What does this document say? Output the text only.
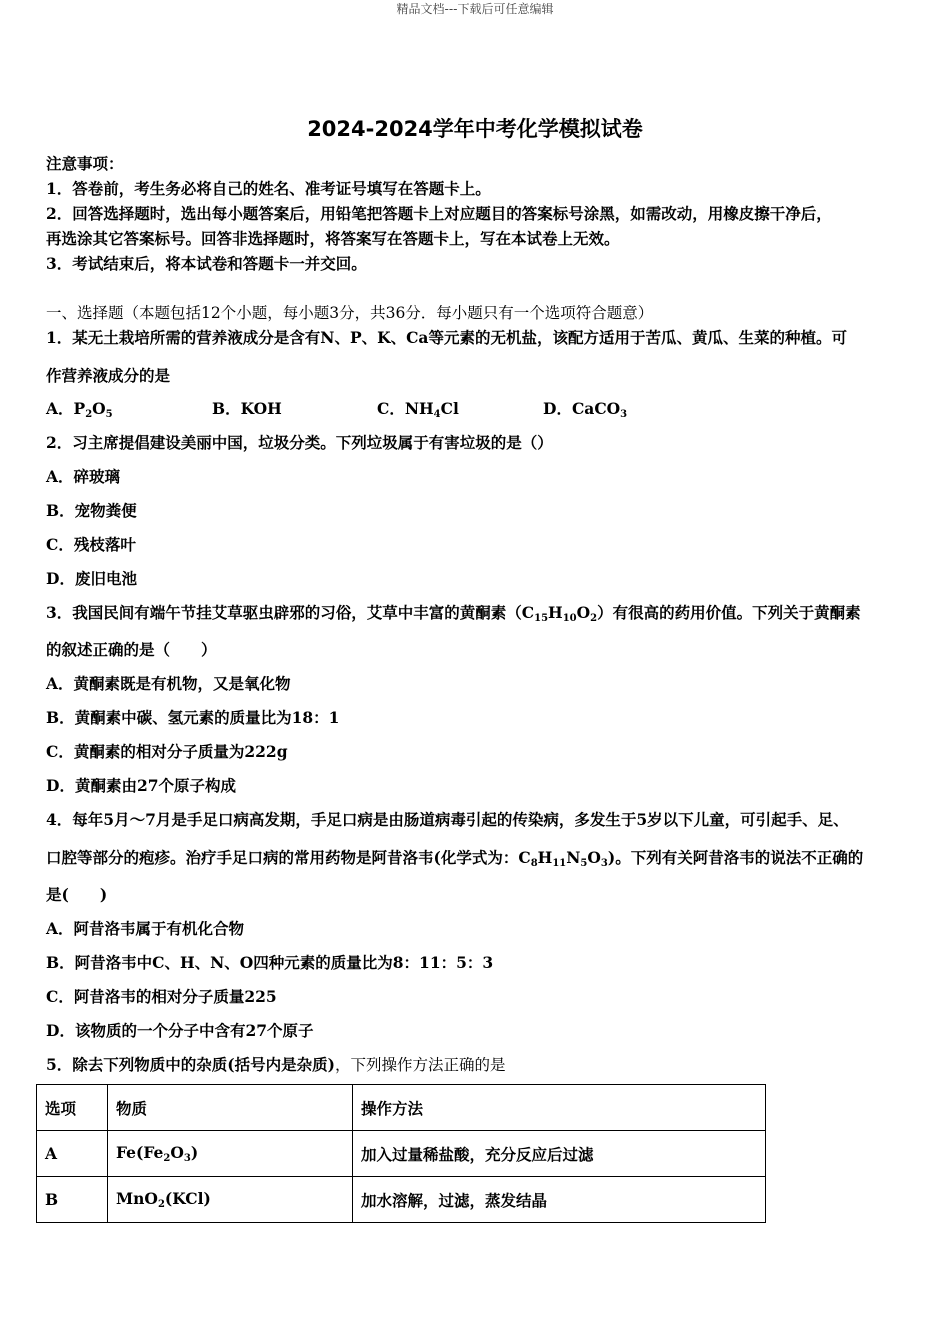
精品文档---下载后可任意编辑
2024-2024学年中考化学模拟试卷
注意事项：
1．答卷前，考生务必将自己的姓名、准考证号填写在答题卡上。
2．回答选择题时，选出每小题答案后，用铅笔把答题卡上对应题目的答案标号涂黑，如需改动，用橡皮擦干净后，
再选涂其它答案标号。回答非选择题时，将答案写在答题卡上，写在本试卷上无效。
3．考试结束后，将本试卷和答题卡一并交回。
一、选择题（本题包括12个小题，每小题3分，共36分．每小题只有一个选项符合题意）
1．某无土栽培所需的营养液成分是含有N、P、K、Ca等元素的无机盐，该配方适用于苦瓜、黄瓜、生菜的种植。可
作营养液成分的是
A．$P_2O_5$	B．KOH	C．$NH_4Cl$	D．CaCO$_3$
2．习主席提倡建设美丽中国，垃圾分类。下列垃圾属于有害垃圾的是（）
A．碎玻璃
B．宠物粪便
C．残枝落叶
D．废旧电池
3．我国民间有端午节挂艾草驱虫辟邪的习俗，艾草中丰富的黄酮素$(C_{15}H_{10}O_2)$有很高的药用价值。下列关于黄酮素
的叙述正确的是（　　）
A．黄酮素既是有机物，又是氧化物
B．黄酮素中碳、氢元素的质量比为18：1
C．黄酮素的相对分子质量为222g
D．黄酮素由27个原子构成
4．每年5月～7月是手足口病高发期，手足口病是由肠道病毒引起的传染病，多发生于5岁以下儿童，可引起手、足、
口腔等部分的疱疹。治疗手足口病的常用药物是阿昔洛韦(化学式为：$C_8H_{11}N_5O_3$)。下列有关阿昔洛韦的说法不正确的
是(　　)
A．阿昔洛韦属于有机化合物
B．阿昔洛韦中C、H、N、O四种元素的质量比为8：11：5：3
C．阿昔洛韦的相对分子质量225
D．该物质的一个分子中含有27个原子
5．除去下列物质中的杂质(括号内是杂质)，下列操作方法正确的是
选项	物质	操作方法
A	$Fe(Fe_2O_3)$	加入过量稀盐酸，充分反应后过滤
B	MnO$_2$(KCl)	加水溶解，过滤，蒸发结晶
